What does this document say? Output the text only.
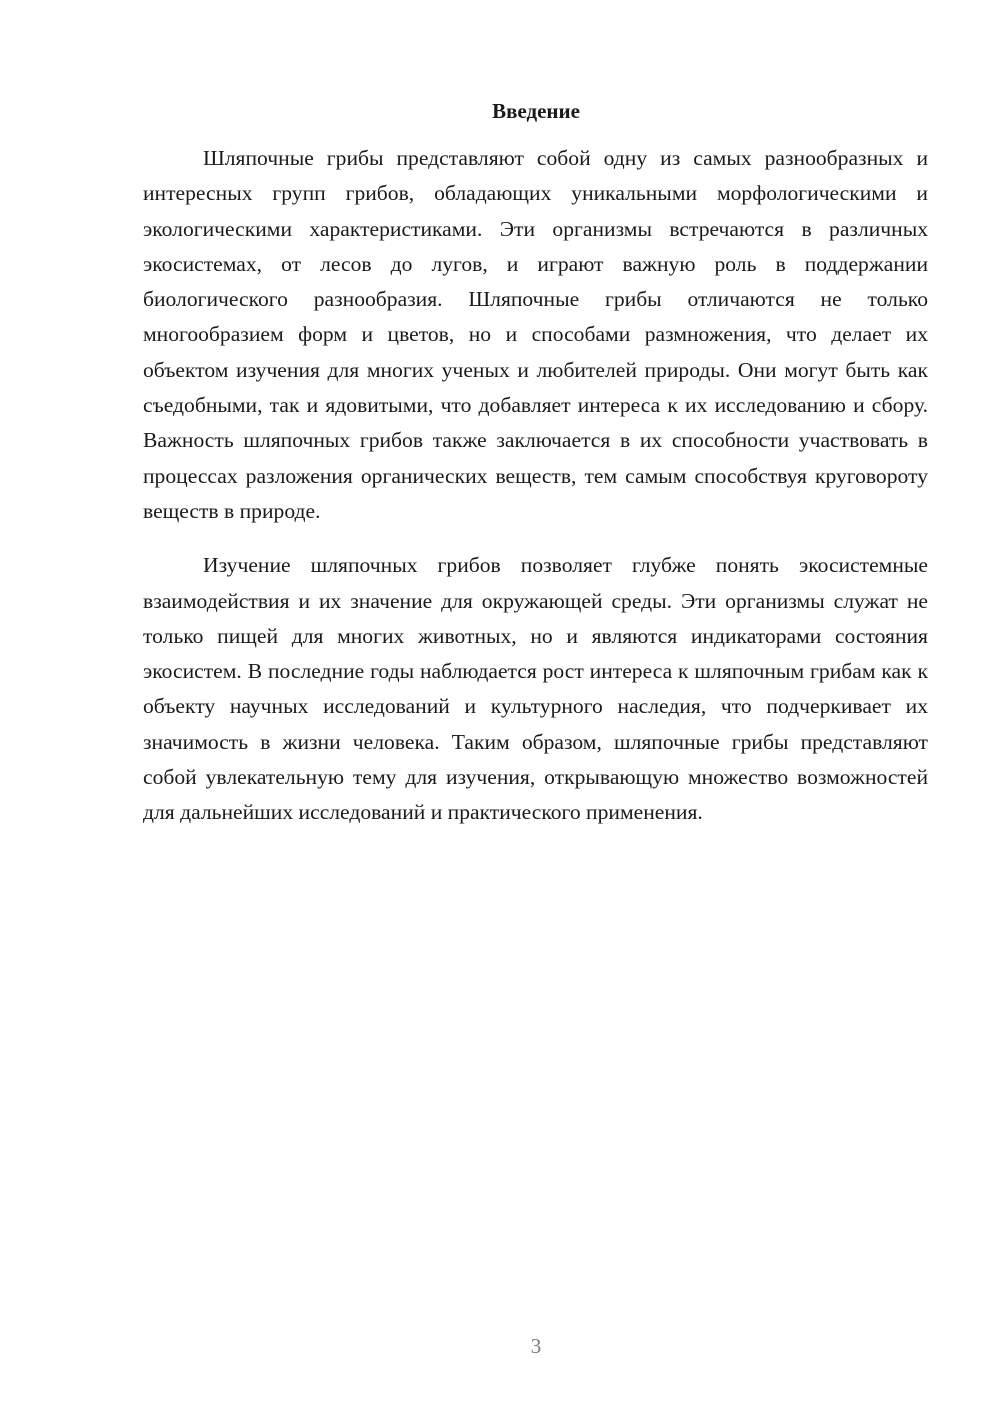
Введение

Шляпочные грибы представляют собой одну из самых разнообразных и интересных групп грибов, обладающих уникальными морфологическими и экологическими характеристиками. Эти организмы встречаются в различных экосистемах, от лесов до лугов, и играют важную роль в поддержании биологического разнообразия. Шляпочные грибы отличаются не только многообразием форм и цветов, но и способами размножения, что делает их объектом изучения для многих ученых и любителей природы. Они могут быть как съедобными, так и ядовитыми, что добавляет интереса к их исследованию и сбору. Важность шляпочных грибов также заключается в их способности участвовать в процессах разложения органических веществ, тем самым способствуя круговороту веществ в природе.

Изучение шляпочных грибов позволяет глубже понять экосистемные взаимодействия и их значение для окружающей среды. Эти организмы служат не только пищей для многих животных, но и являются индикаторами состояния экосистем. В последние годы наблюдается рост интереса к шляпочным грибам как к объекту научных исследований и культурного наследия, что подчеркивает их значимость в жизни человека. Таким образом, шляпочные грибы представляют собой увлекательную тему для изучения, открывающую множество возможностей для дальнейших исследований и практического применения.

3
